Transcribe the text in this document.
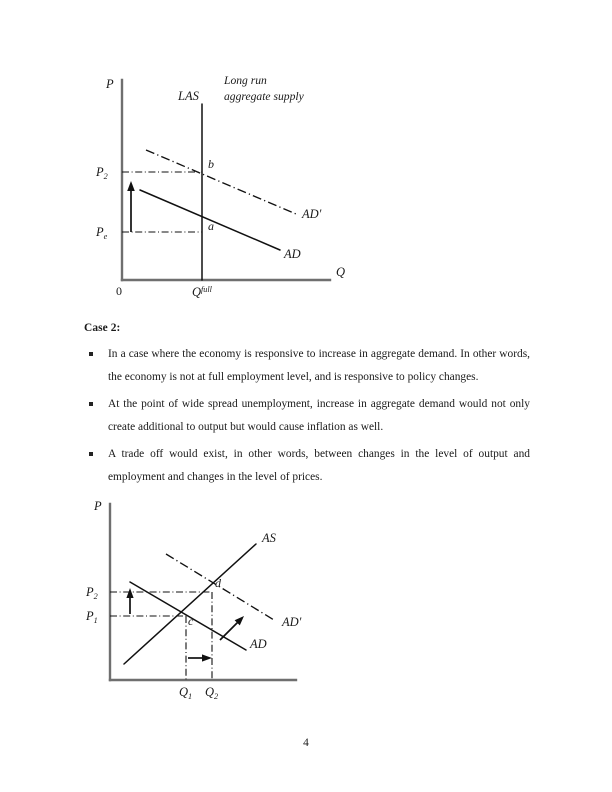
P
Q
0
$P_2$
$P_e$
$Q^{full}$
LAS
Long run
aggregate supply
AD'
AD
b
a

Case 2:

In a case where the economy is responsive to increase in aggregate demand. In other words, the economy is not at full employment level, and is responsive to policy changes.
At the point of wide spread unemployment, increase in aggregate demand would not only create additional to output but would cause inflation as well.
A trade off would exist, in other words, between changes in the level of output and employment and changes in the level of prices.
P
$P_2$
$P_1$
$Q_1$ $Q_2$
AS
AD'
AD
d
c
4
